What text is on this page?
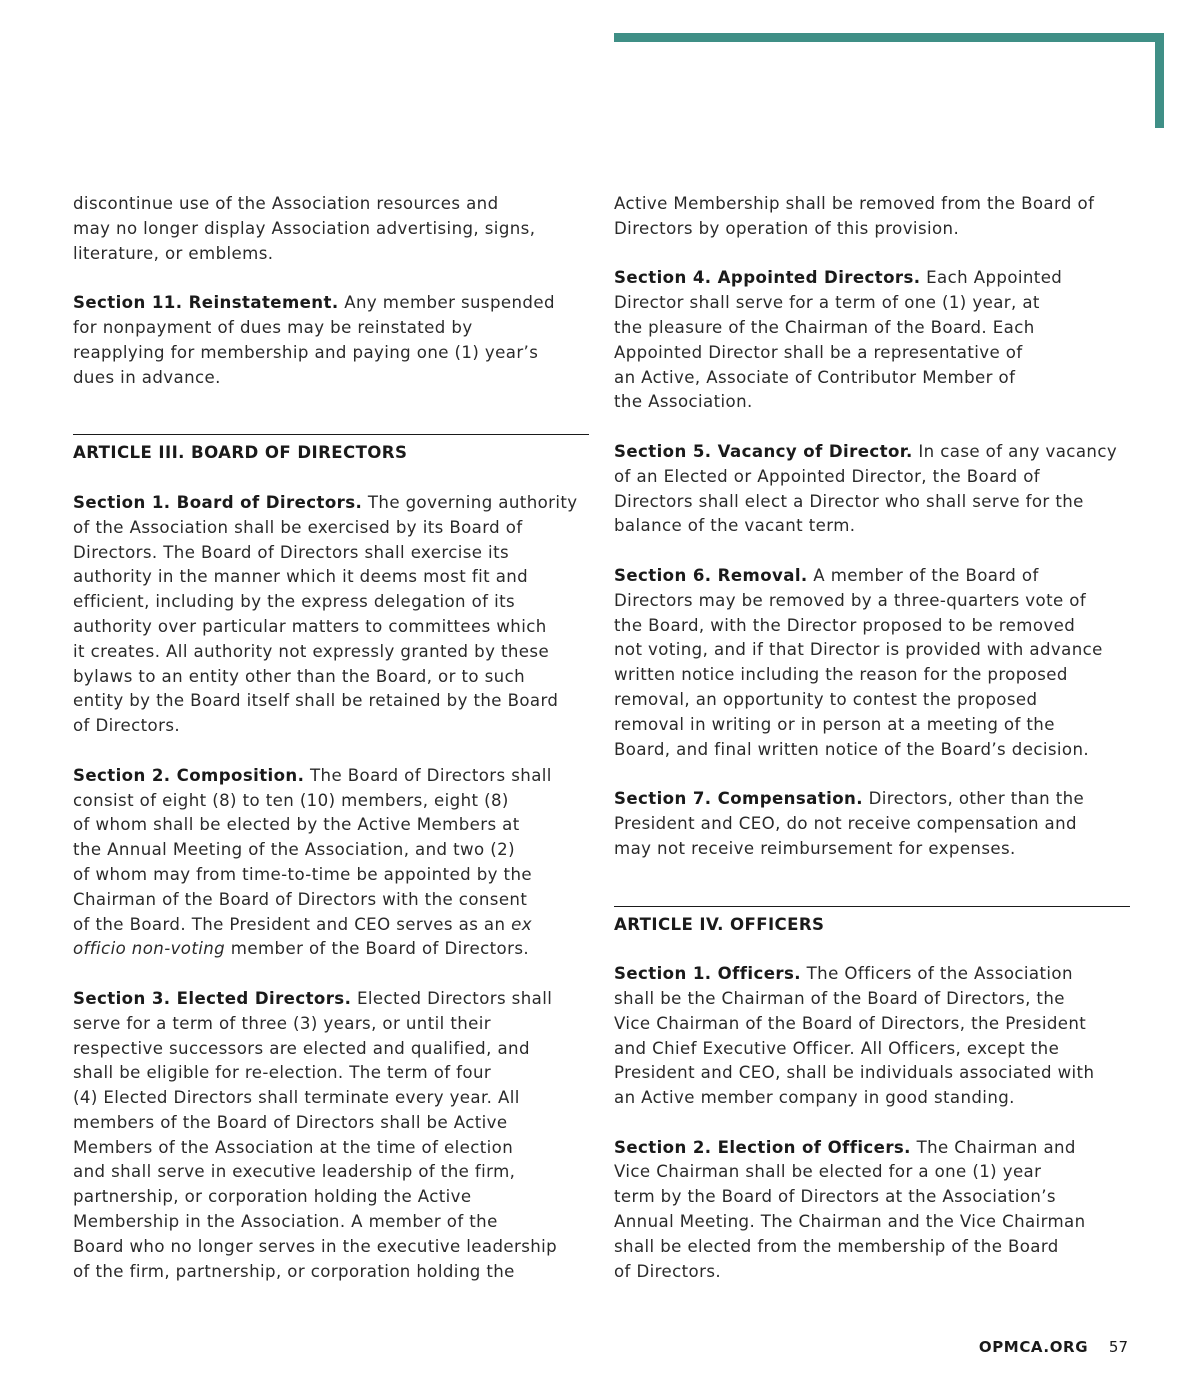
discontinue use of the Association resources and
may no longer display Association advertising, signs,
literature, or emblems.

Section 11. Reinstatement. Any member suspended
for nonpayment of dues may be reinstated by
reapplying for membership and paying one (1) year’s
dues in advance.

ARTICLE III. BOARD OF DIRECTORS

Section 1. Board of Directors. The governing authority
of the Association shall be exercised by its Board of
Directors. The Board of Directors shall exercise its
authority in the manner which it deems most fit and
efficient, including by the express delegation of its
authority over particular matters to committees which
it creates. All authority not expressly granted by these
bylaws to an entity other than the Board, or to such
entity by the Board itself shall be retained by the Board
of Directors.

Section 2. Composition. The Board of Directors shall
consist of eight (8) to ten (10) members, eight (8)
of whom shall be elected by the Active Members at
the Annual Meeting of the Association, and two (2)
of whom may from time-to-time be appointed by the
Chairman of the Board of Directors with the consent
of the Board. The President and CEO serves as an ex
officio non-voting member of the Board of Directors.

Section 3. Elected Directors. Elected Directors shall
serve for a term of three (3) years, or until their
respective successors are elected and qualified, and
shall be eligible for re-election. The term of four
(4) Elected Directors shall terminate every year. All
members of the Board of Directors shall be Active
Members of the Association at the time of election
and shall serve in executive leadership of the firm,
partnership, or corporation holding the Active
Membership in the Association. A member of the
Board who no longer serves in the executive leadership
of the firm, partnership, or corporation holding the

Active Membership shall be removed from the Board of
Directors by operation of this provision.

Section 4. Appointed Directors. Each Appointed
Director shall serve for a term of one (1) year, at
the pleasure of the Chairman of the Board. Each
Appointed Director shall be a representative of
an Active, Associate of Contributor Member of
the Association.

Section 5. Vacancy of Director. In case of any vacancy
of an Elected or Appointed Director, the Board of
Directors shall elect a Director who shall serve for the
balance of the vacant term.

Section 6. Removal. A member of the Board of
Directors may be removed by a three-quarters vote of
the Board, with the Director proposed to be removed
not voting, and if that Director is provided with advance
written notice including the reason for the proposed
removal, an opportunity to contest the proposed
removal in writing or in person at a meeting of the
Board, and final written notice of the Board’s decision.

Section 7. Compensation. Directors, other than the
President and CEO, do not receive compensation and
may not receive reimbursement for expenses.

ARTICLE IV. OFFICERS

Section 1. Officers. The Officers of the Association
shall be the Chairman of the Board of Directors, the
Vice Chairman of the Board of Directors, the President
and Chief Executive Officer. All Officers, except the
President and CEO, shall be individuals associated with
an Active member company in good standing.

Section 2. Election of Officers. The Chairman and
Vice Chairman shall be elected for a one (1) year
term by the Board of Directors at the Association’s
Annual Meeting. The Chairman and the Vice Chairman
shall be elected from the membership of the Board
of Directors.

OPMCA.ORG 57
